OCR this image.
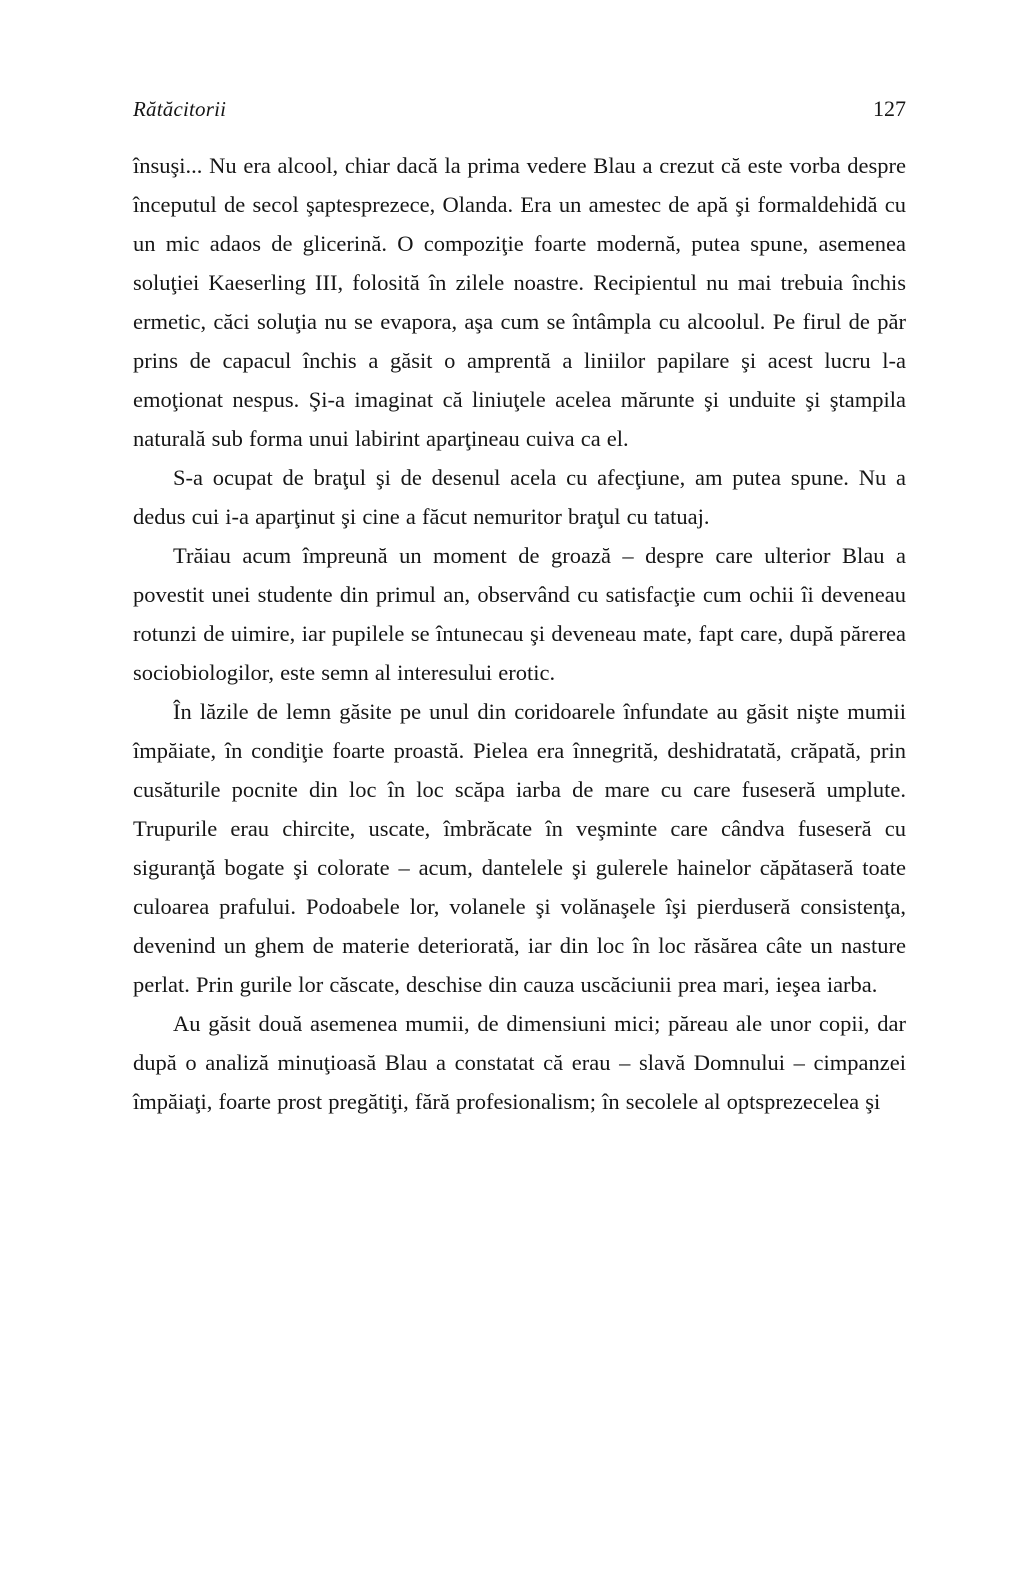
Rătăcitorii	127

însuşi... Nu era alcool, chiar dacă la prima vedere Blau a crezut că este vorba despre începutul de secol şaptesprezece, Olanda. Era un amestec de apă şi formaldehidă cu un mic adaos de glicerină. O compoziţie foarte modernă, putea spune, asemenea soluţiei Kaeserling III, folosită în zilele noastre. Recipientul nu mai trebuia închis ermetic, căci soluţia nu se evapora, aşa cum se întâmpla cu alcoolul. Pe firul de păr prins de capacul închis a găsit o amprentă a liniilor papilare şi acest lucru l-a emoţionat nespus. Şi-a imaginat că liniuţele acelea mărunte şi unduite şi ştampila naturală sub forma unui labirint aparţineau cuiva ca el.

S-a ocupat de braţul şi de desenul acela cu afecţiune, am putea spune. Nu a dedus cui i-a aparţinut şi cine a făcut nemuritor braţul cu tatuaj.

Trăiau acum împreună un moment de groază – despre care ulterior Blau a povestit unei studente din primul an, observând cu satisfacţie cum ochii îi deveneau rotunzi de uimire, iar pupilele se întunecau şi deveneau mate, fapt care, după părerea sociobiologilor, este semn al interesului erotic.

În lăzile de lemn găsite pe unul din coridoarele înfundate au găsit nişte mumii împăiate, în condiţie foarte proastă. Pielea era înnegrită, deshidratată, crăpată, prin cusăturile pocnite din loc în loc scăpa iarba de mare cu care fuseseră umplute. Trupurile erau chircite, uscate, îmbrăcate în veşminte care cândva fuseseră cu siguranţă bogate şi colorate – acum, dantelele şi gulerele hainelor căpătaseră toate culoarea prafului. Podoabele lor, volanele şi volănaşele îşi pierduseră consistenţa, devenind un ghem de materie deteriorată, iar din loc în loc răsărea câte un nasture perlat. Prin gurile lor căscate, deschise din cauza uscăciunii prea mari, ieşea iarba.

Au găsit două asemenea mumii, de dimensiuni mici; păreau ale unor copii, dar după o analiză minuţioasă Blau a constatat că erau – slavă Domnului – cimpanzei împăiaţi, foarte prost pregătiţi, fără profesionalism; în secolele al optsprezecelea şi
